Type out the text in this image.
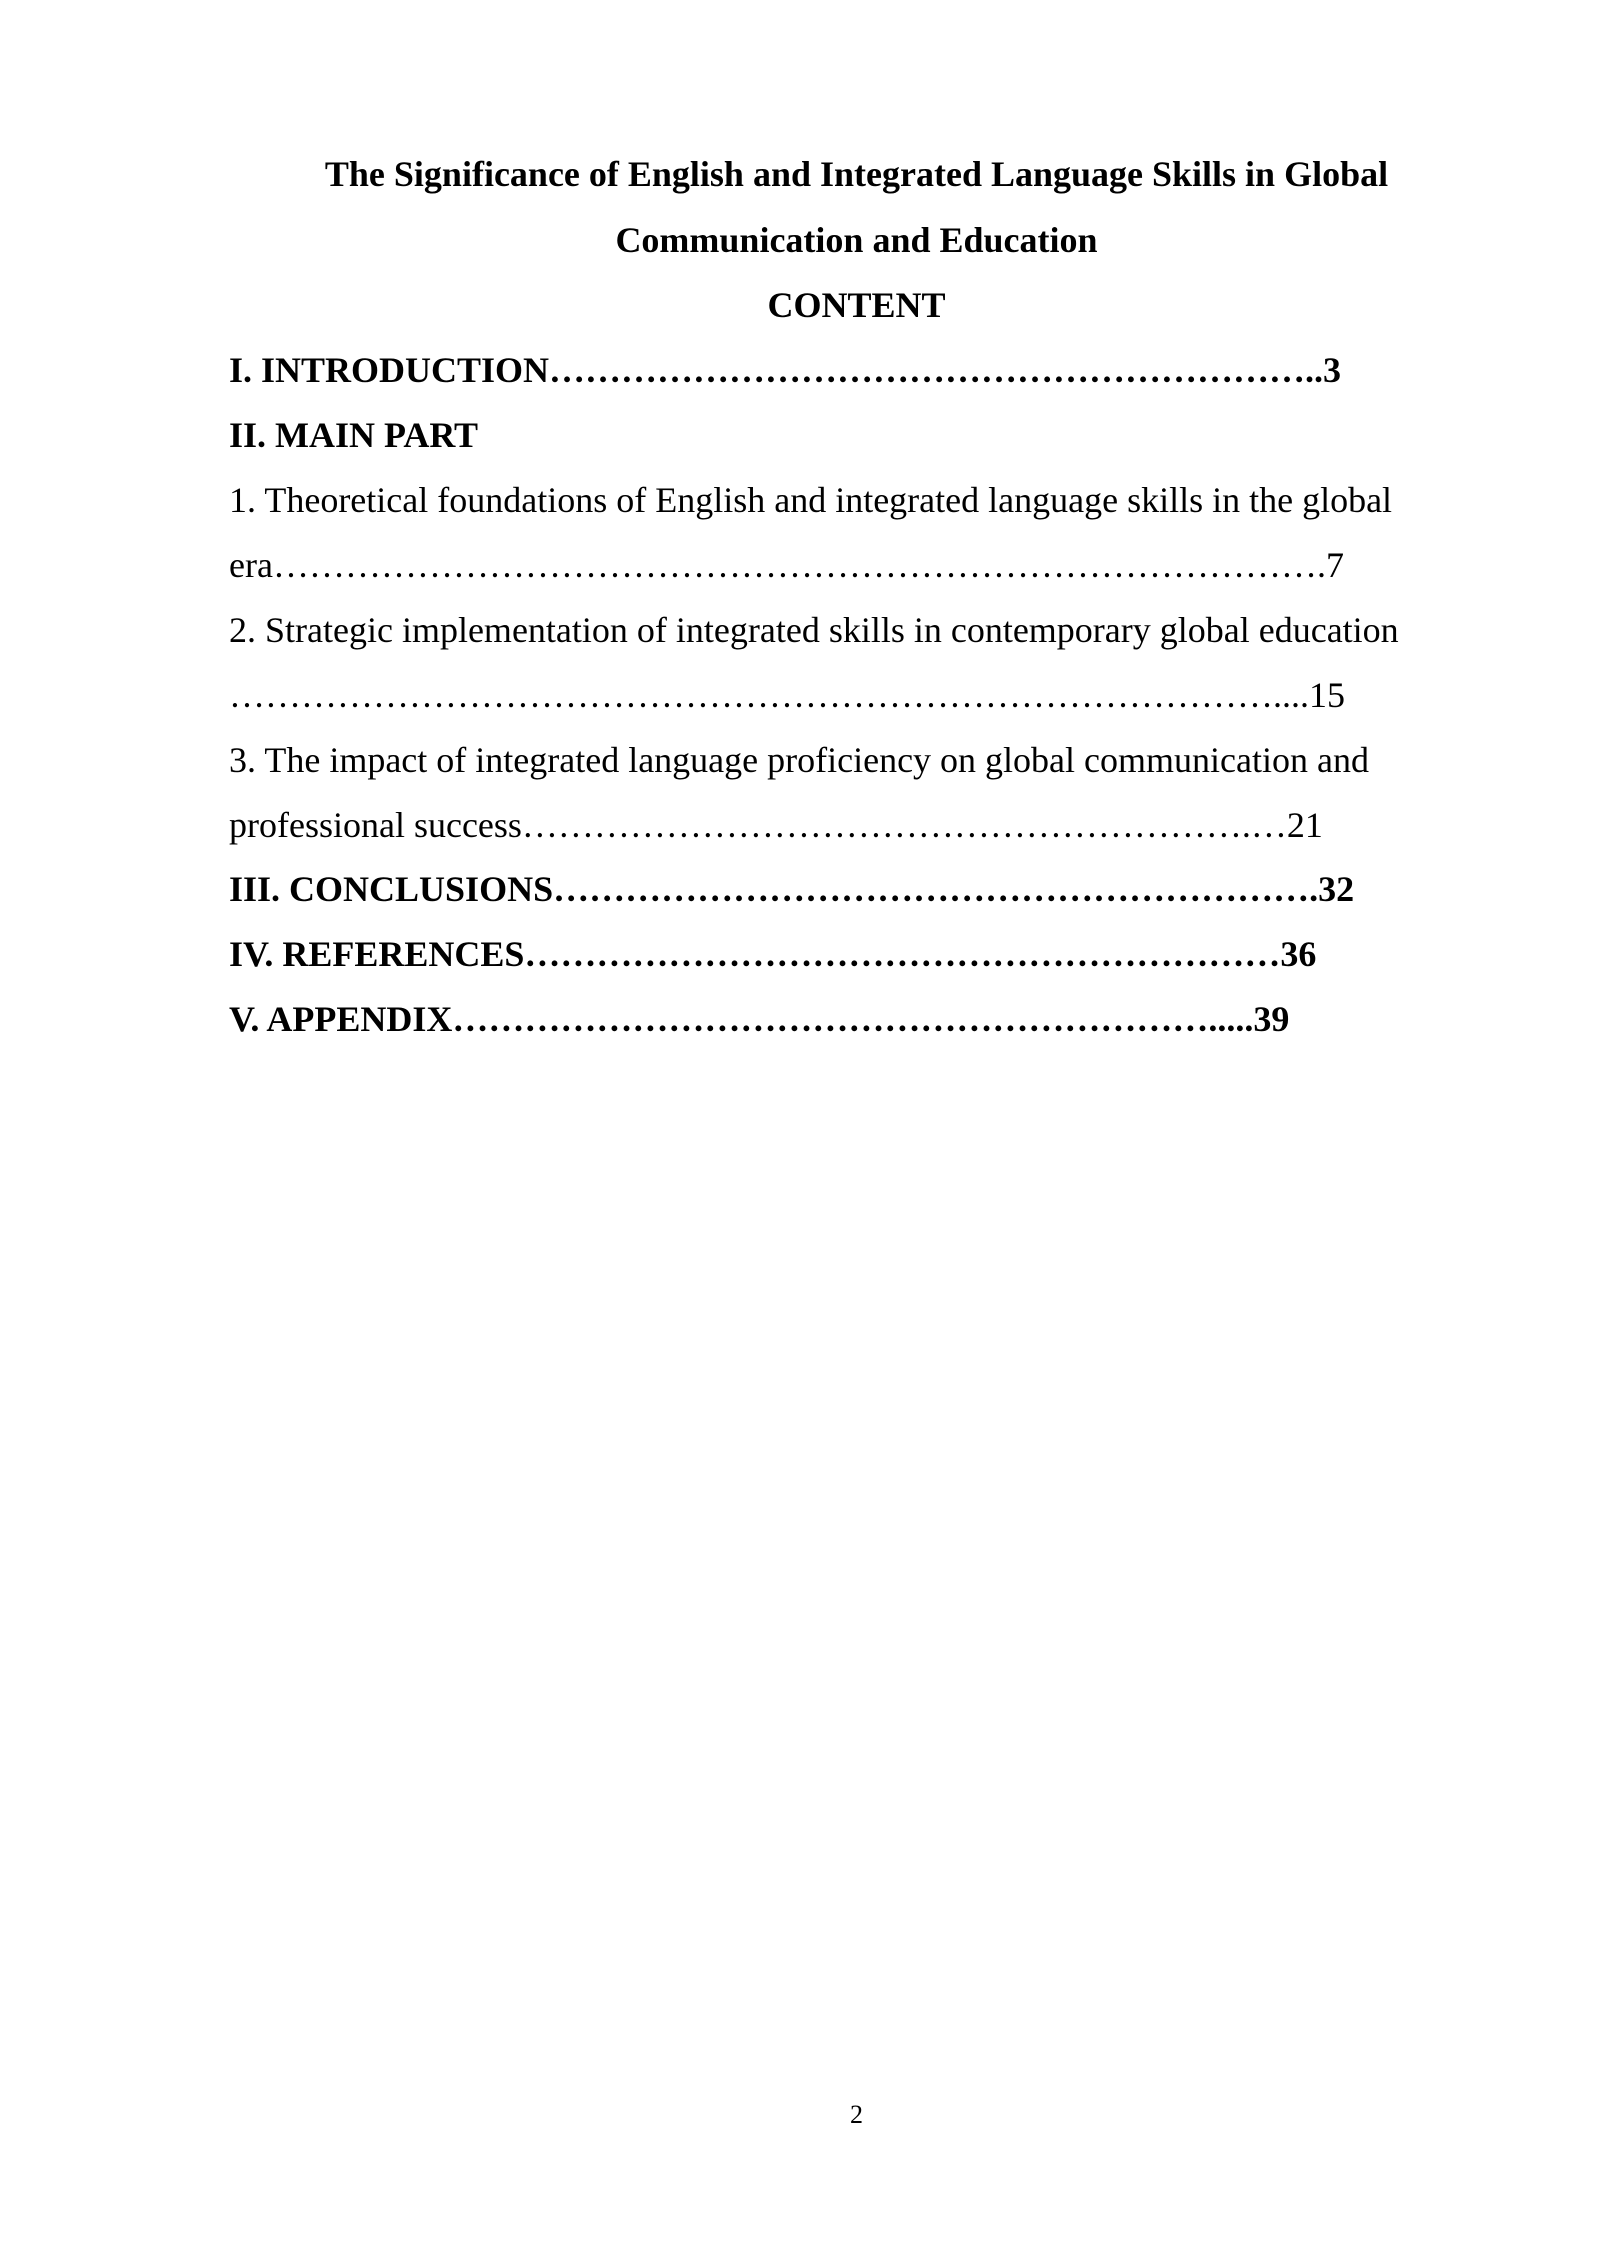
The Significance of English and Integrated Language Skills in Global
Communication and Education
CONTENT
I. INTRODUCTION………………………………………………………..3
II. MAIN PART
1. Theoretical foundations of English and integrated language skills in the global
era…………………………………………………………………………….7
2. Strategic implementation of integrated skills in contemporary global education
……………………………………………………………………………....15
3. The impact of integrated language proficiency on global communication and
professional success…………………………………………………….…21
III. CONCLUSIONS……………………………………………………….32
IV. REFERENCES………………………………………………………36
V. APPENDIX……………………………………………………….....39
2
